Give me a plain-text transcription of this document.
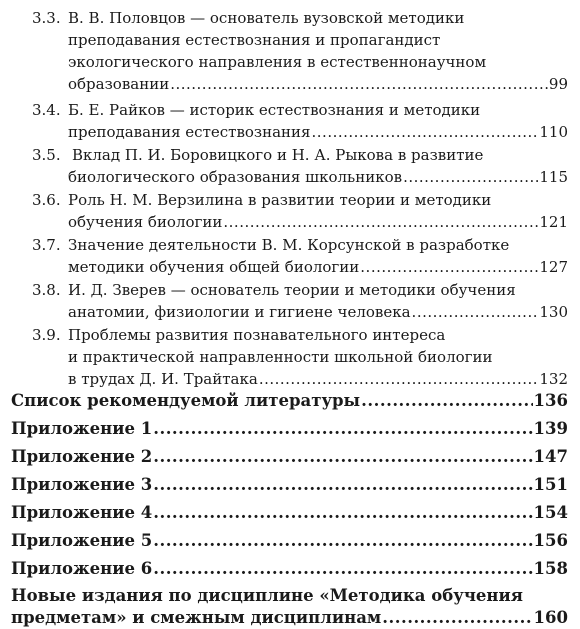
3.3. В. В. Половцов — основатель вузовской методики
преподавания естествознания и пропагандист
экологического направления в естественнонаучном
образовании .....	99
3.4. Б. Е. Райков — историк естествознания и методики
преподавания естествознания .....	110
3.5. Вклад П. И. Боровицкого и Н. А. Рыкова в развитие
биологического образования школьников .....	115
3.6. Роль Н. М. Верзилина в развитии теории и методики
обучения биологии .....	121
3.7. Значение деятельности В. М. Корсунской в разработке
методики обучения общей биологии .....	127
3.8. И. Д. Зверев — основатель теории и методики обучения
анатомии, физиологии и гигиене человека .....	130
3.9. Проблемы развития познавательного интереса
и практической направленности школьной биологии
в трудах Д. И. Трайтака .....	132
Список рекомендуемой литературы .....	136
Приложение 1 .....	139
Приложение 2 .....	147
Приложение 3 .....	151
Приложение 4 .....	154
Приложение 5 .....	156
Приложение 6 .....	158
Новые издания по дисциплине «Методика обучения
предметам» и смежным дисциплинам .....	160
